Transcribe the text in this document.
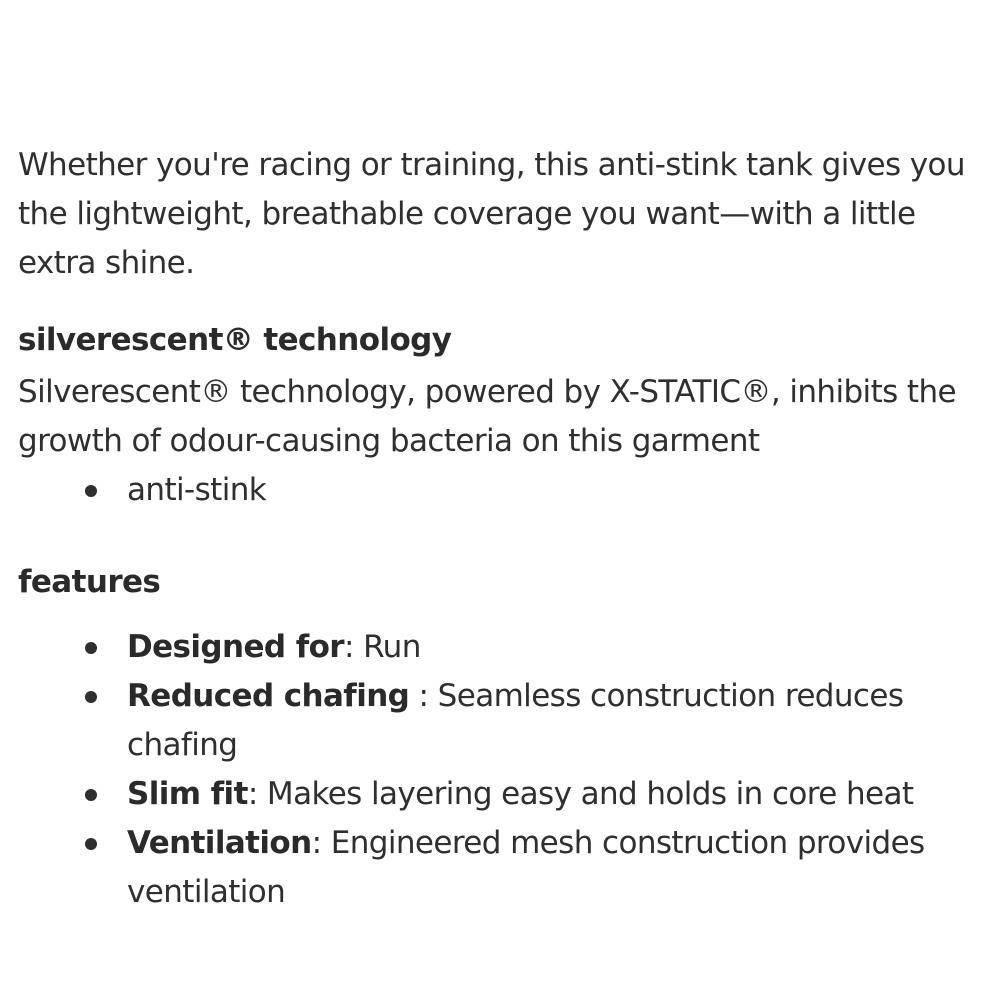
Whether you're racing or training, this anti-stink tank gives you the lightweight, breathable coverage you want—with a little extra shine.

silverescent® technology

Silverescent® technology, powered by X-STATIC®, inhibits the growth of odour-causing bacteria on this garment

anti-stink
features
Designed for: Run
Reduced chafing : Seamless construction reduces chafing
Slim fit: Makes layering easy and holds in core heat
Ventilation: Engineered mesh construction provides ventilation
